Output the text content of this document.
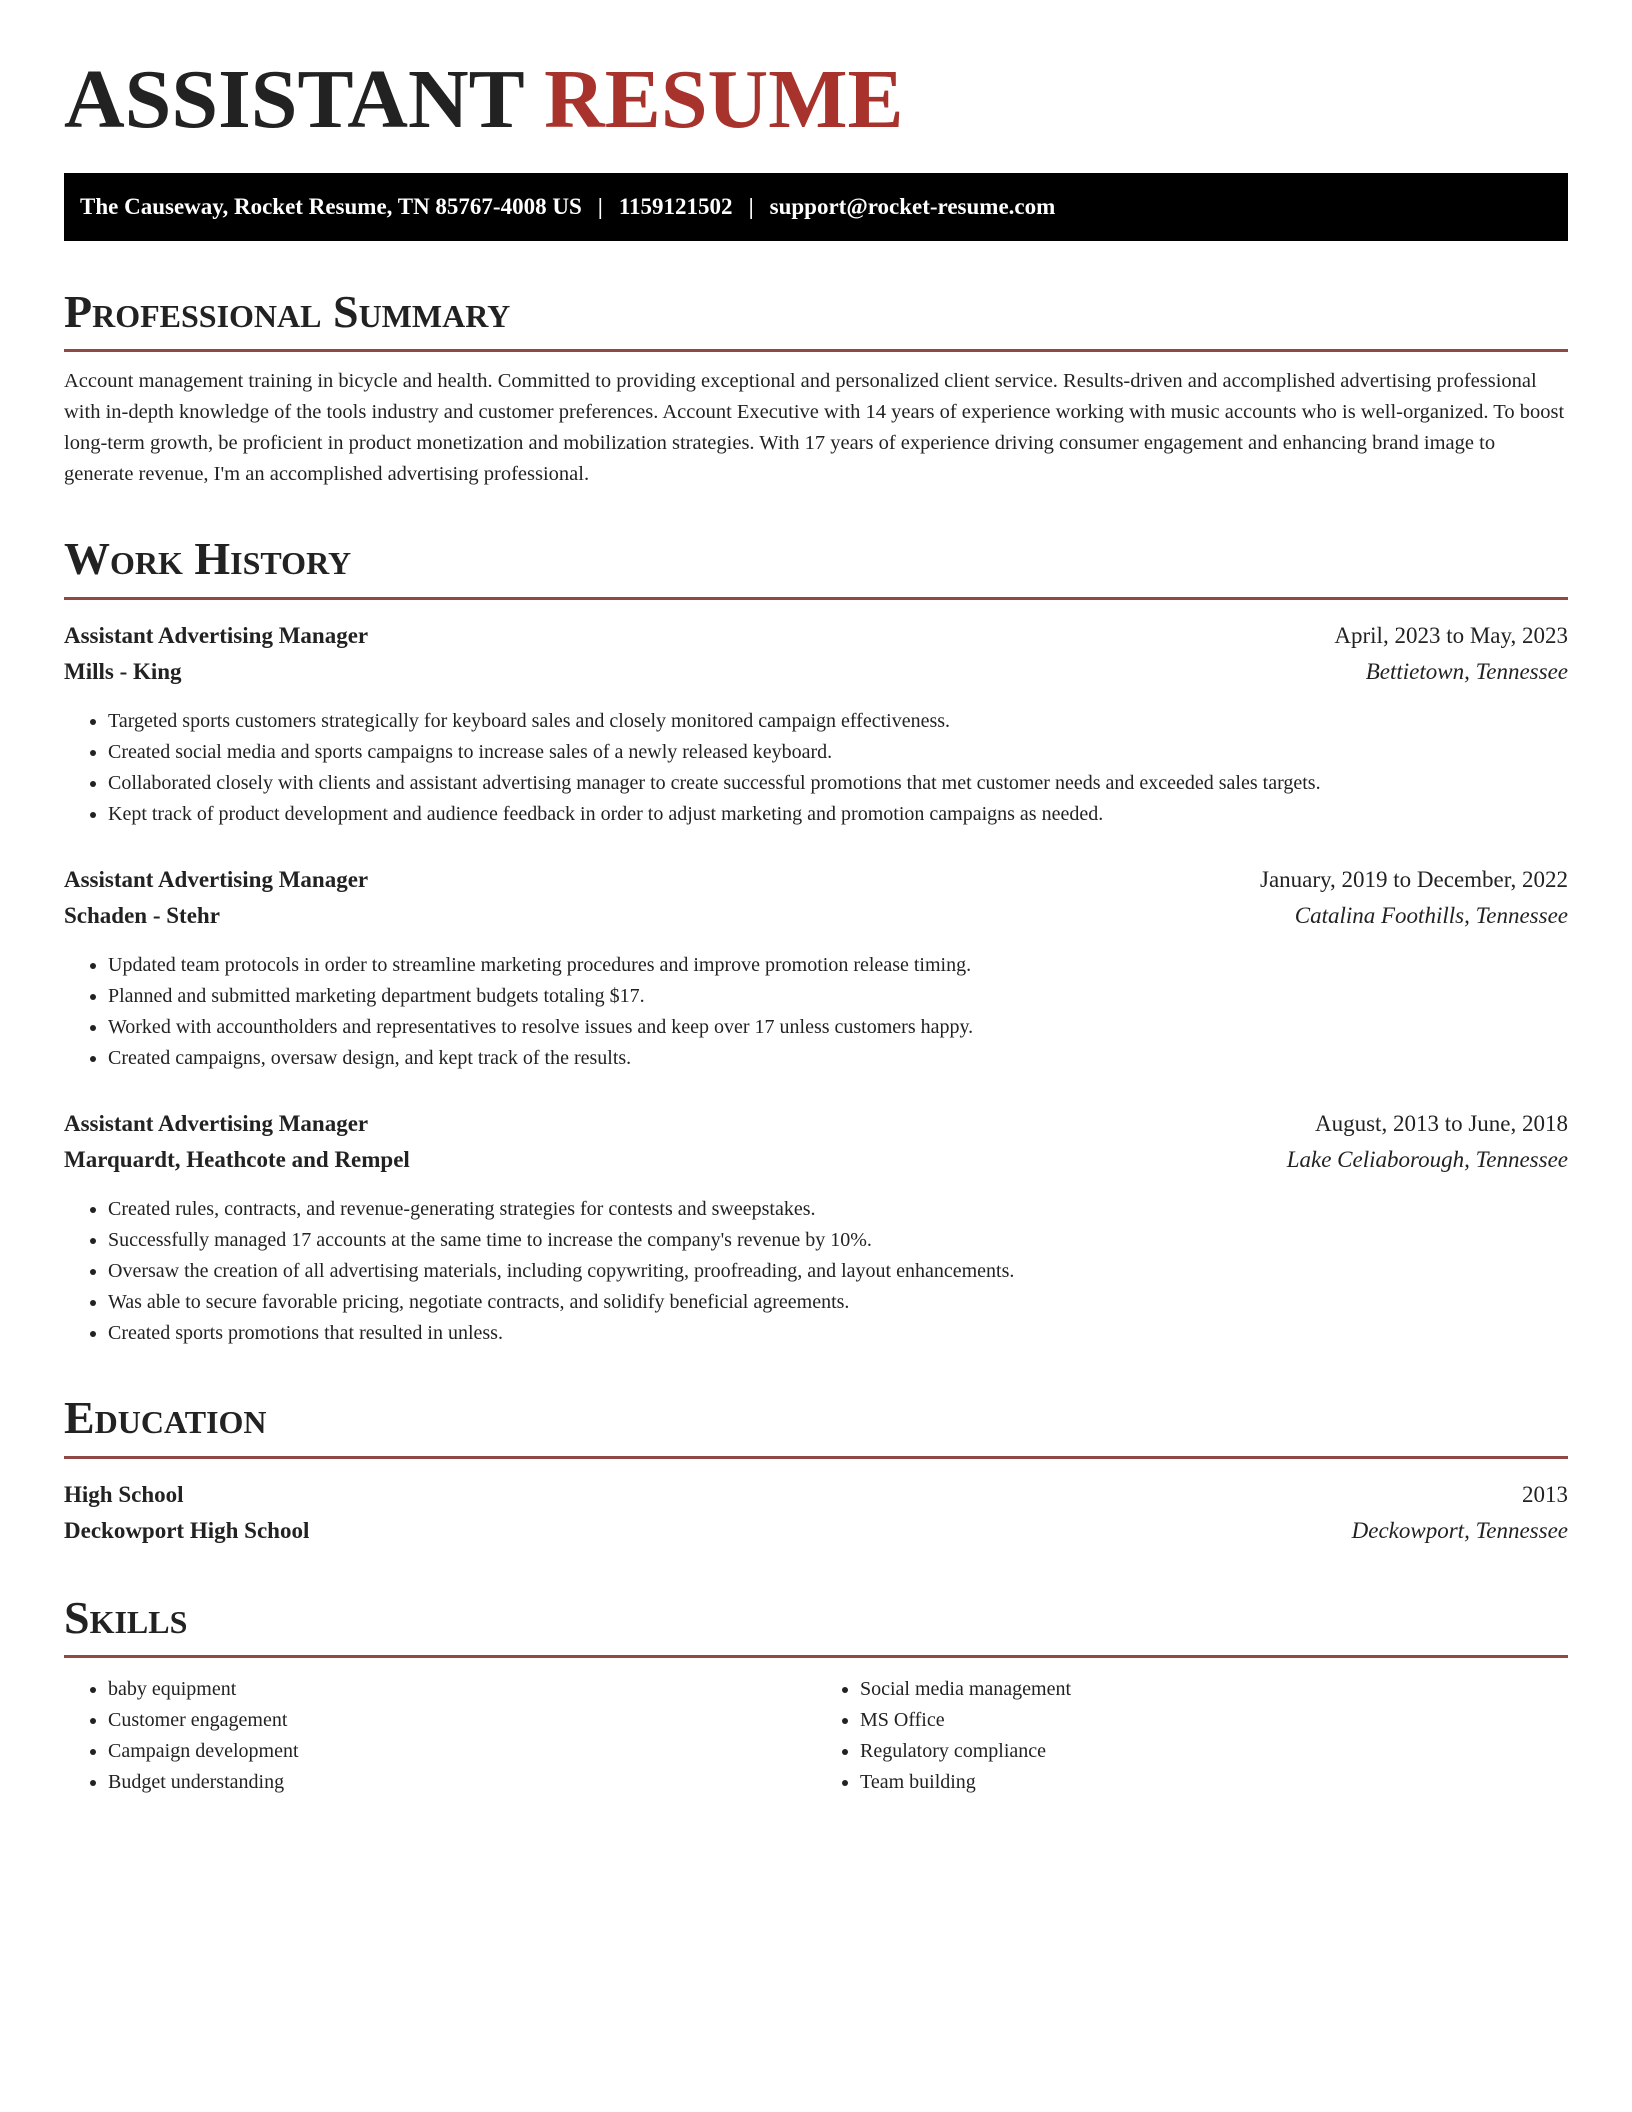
ASSISTANT RESUME
The Causeway, Rocket Resume, TN 85767-4008 US | 1159121502 | support@rocket-resume.com
Professional Summary

Account management training in bicycle and health. Committed to providing exceptional and personalized client service. Results-driven and accomplished advertising professional with in-depth knowledge of the tools industry and customer preferences. Account Executive with 14 years of experience working with music accounts who is well-organized. To boost long-term growth, be proficient in product monetization and mobilization strategies. With 17 years of experience driving consumer engagement and enhancing brand image to generate revenue, I'm an accomplished advertising professional.

Work History
Assistant Advertising Manager	April, 2023 to May, 2023
Mills - King	Bettietown, Tennessee
• Targeted sports customers strategically for keyboard sales and closely monitored campaign effectiveness.
• Created social media and sports campaigns to increase sales of a newly released keyboard.
• Collaborated closely with clients and assistant advertising manager to create successful promotions that met customer needs and exceeded sales targets.
• Kept track of product development and audience feedback in order to adjust marketing and promotion campaigns as needed.
Assistant Advertising Manager	January, 2019 to December, 2022
Schaden - Stehr	Catalina Foothills, Tennessee
• Updated team protocols in order to streamline marketing procedures and improve promotion release timing.
• Planned and submitted marketing department budgets totaling $17.
• Worked with accountholders and representatives to resolve issues and keep over 17 unless customers happy.
• Created campaigns, oversaw design, and kept track of the results.
Assistant Advertising Manager	August, 2013 to June, 2018
Marquardt, Heathcote and Rempel	Lake Celiaborough, Tennessee
• Created rules, contracts, and revenue-generating strategies for contests and sweepstakes.
• Successfully managed 17 accounts at the same time to increase the company's revenue by 10%.
• Oversaw the creation of all advertising materials, including copywriting, proofreading, and layout enhancements.
• Was able to secure favorable pricing, negotiate contracts, and solidify beneficial agreements.
• Created sports promotions that resulted in unless.
Education
High School	2013
Deckowport High School	Deckowport, Tennessee
Skills
• baby equipment
• Customer engagement
• Campaign development
• Budget understanding
• Social media management
• MS Office
• Regulatory compliance
• Team building
